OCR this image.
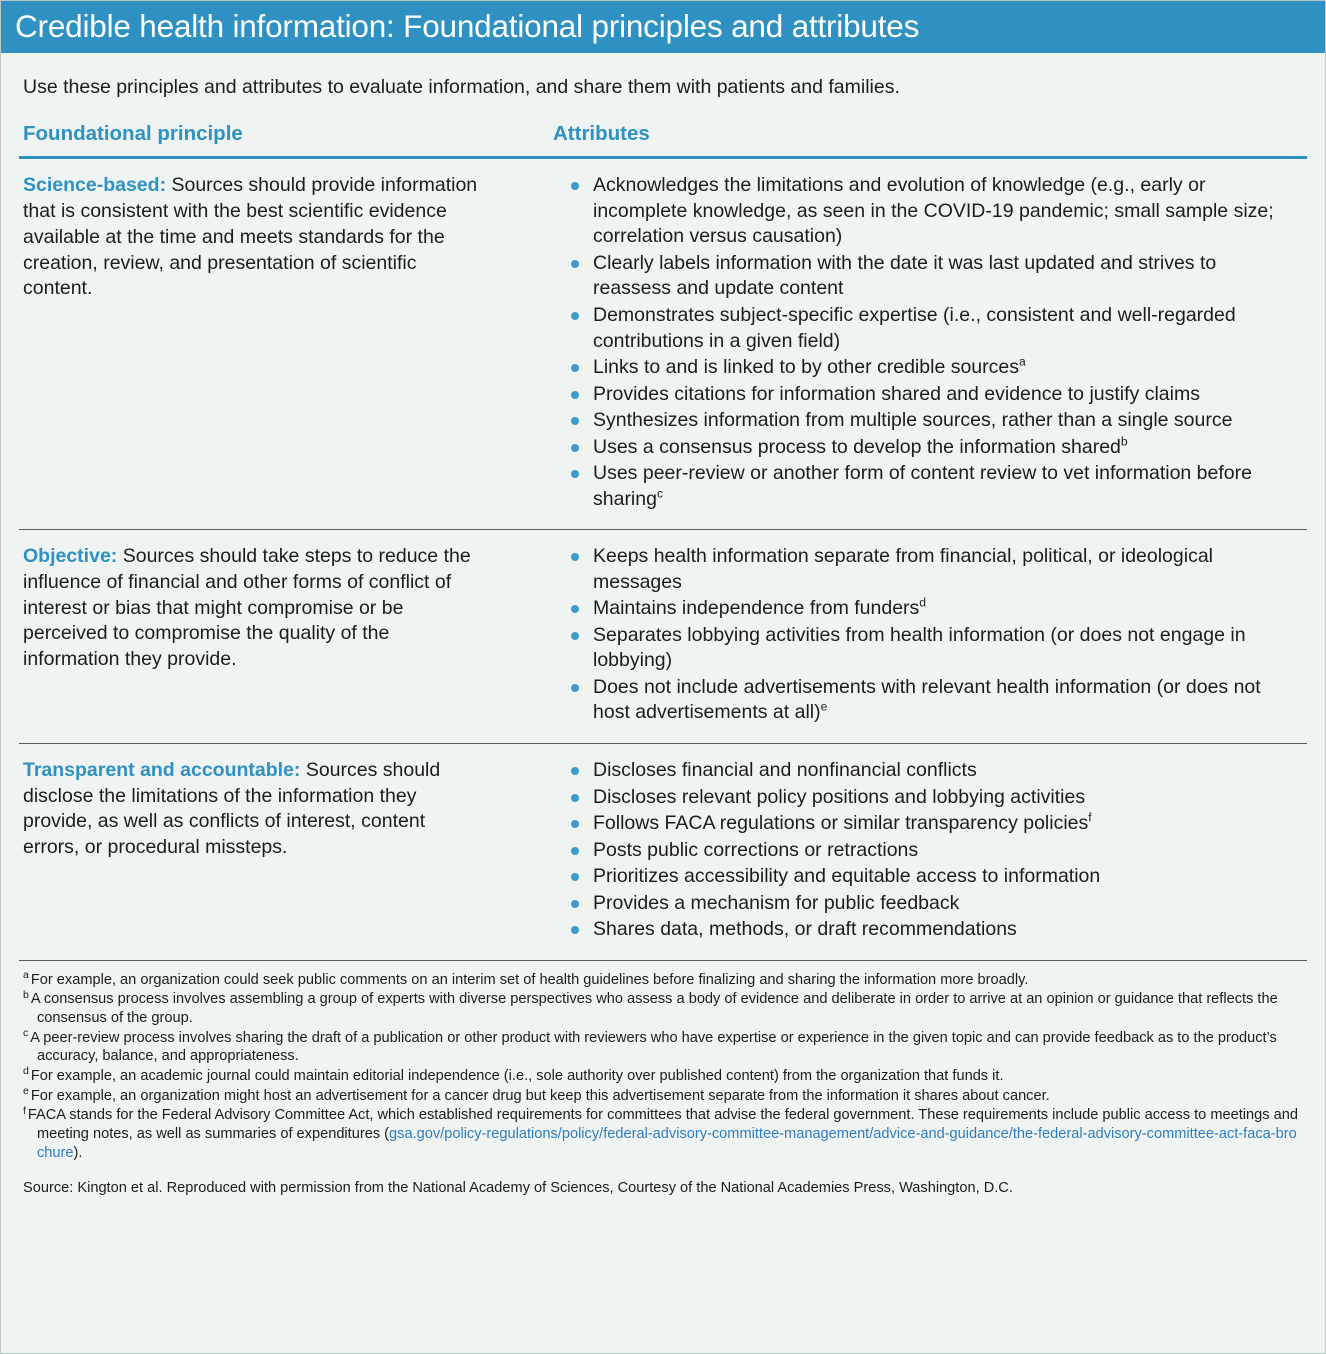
Credible health information: Foundational principles and attributes
Use these principles and attributes to evaluate information, and share them with patients and families.
Foundational principle	Attributes

Science-based: Sources should provide information that is consistent with the best scientific evidence available at the time and meets standards for the creation, review, and presentation of scientific content.

Acknowledges the limitations and evolution of knowledge (e.g., early or incomplete knowledge, as seen in the COVID-19 pandemic; small sample size; correlation versus causation)
Clearly labels information with the date it was last updated and strives to reassess and update content
Demonstrates subject-specific expertise (i.e., consistent and well-regarded contributions in a given field)
Links to and is linked to by other credible sources$^a$
Provides citations for information shared and evidence to justify claims
Synthesizes information from multiple sources, rather than a single source
Uses a consensus process to develop the information shared$^b$
Uses peer-review or another form of content review to vet information before sharing$^c$

Objective: Sources should take steps to reduce the influence of financial and other forms of conflict of interest or bias that might compromise or be perceived to compromise the quality of the information they provide.

Keeps health information separate from financial, political, or ideological messages
Maintains independence from funders$^d$
Separates lobbying activities from health information (or does not engage in lobbying)
Does not include advertisements with relevant health information (or does not host advertisements at all)$^e$

Transparent and accountable: Sources should disclose the limitations of the information they provide, as well as conflicts of interest, content errors, or procedural missteps.

Discloses financial and nonfinancial conflicts
Discloses relevant policy positions and lobbying activities
Follows FACA regulations or similar transparency policies$^f$
Posts public corrections or retractions
Prioritizes accessibility and equitable access to information
Provides a mechanism for public feedback
Shares data, methods, or draft recommendations
$^a$ For example, an organization could seek public comments on an interim set of health guidelines before finalizing and sharing the information more broadly.
$^b$ A consensus process involves assembling a group of experts with diverse perspectives who assess a body of evidence and deliberate in order to arrive at an opinion or guidance that reflects the consensus of the group.
$^c$ A peer-review process involves sharing the draft of a publication or other product with reviewers who have expertise or experience in the given topic and can provide feedback as to the product’s accuracy, balance, and appropriateness.
$^d$ For example, an academic journal could maintain editorial independence (i.e., sole authority over published content) from the organization that funds it.
$^e$ For example, an organization might host an advertisement for a cancer drug but keep this advertisement separate from the information it shares about cancer.
$^f$ FACA stands for the Federal Advisory Committee Act, which established requirements for committees that advise the federal government. These requirements include public access to meetings and meeting notes, as well as summaries of expenditures (gsa.gov/policy-regulations/policy/federal-advisory-committee-management/advice-and-guidance/the-federal-advisory-committee-act-faca-brochure).
Source: Kington et al. Reproduced with permission from the National Academy of Sciences, Courtesy of the National Academies Press, Washington, D.C.
